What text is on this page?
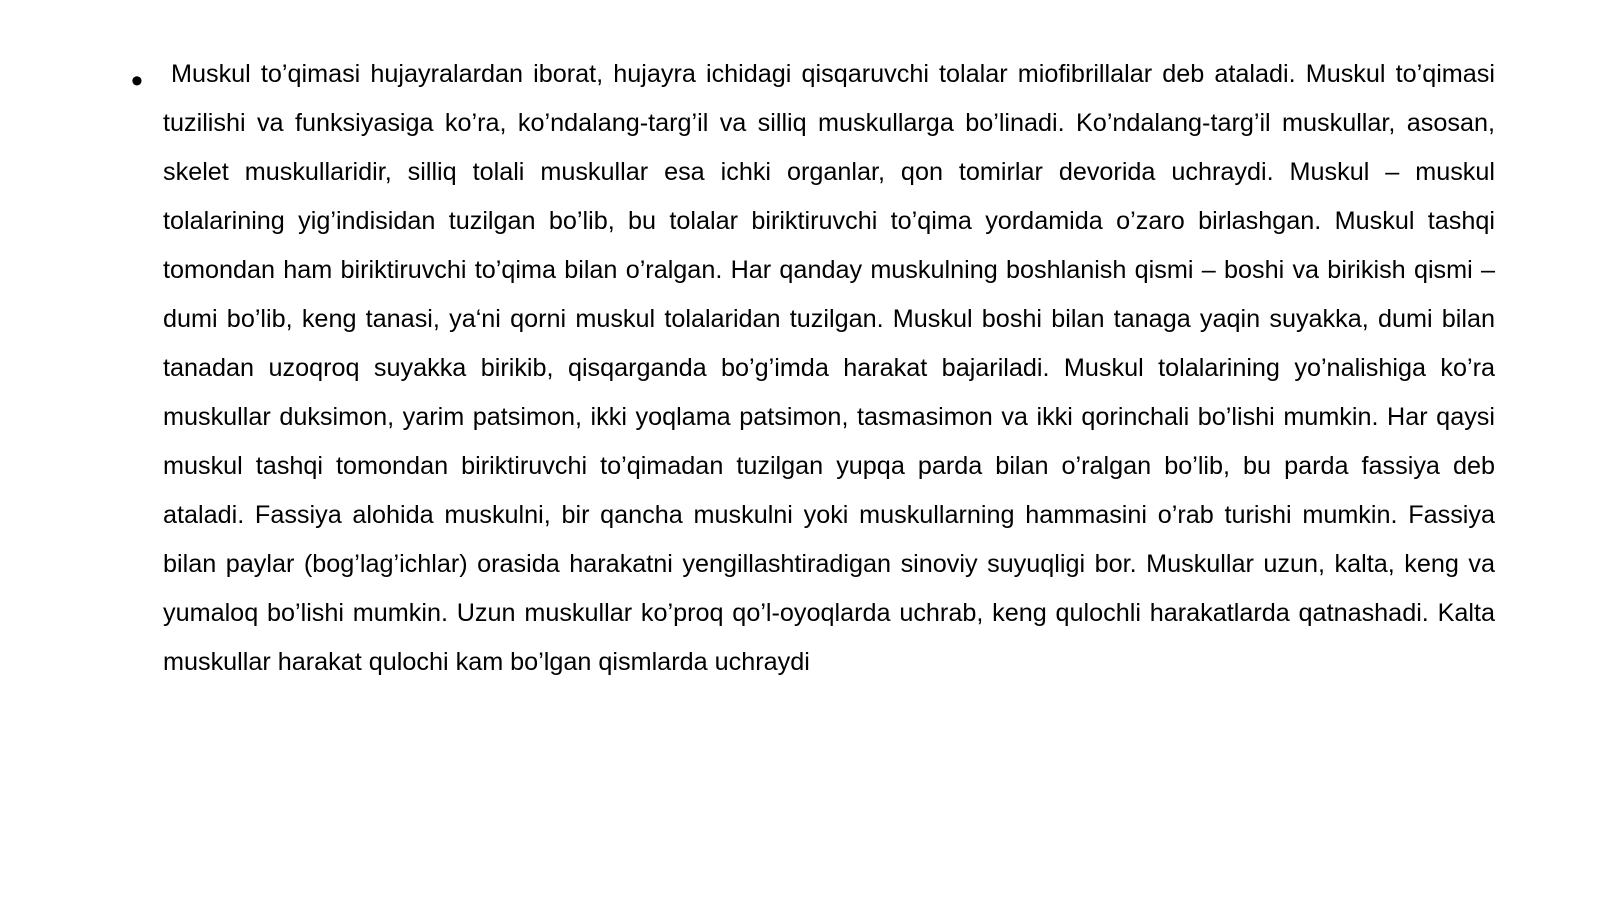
•	Muskul to’qimasi hujayralardan iborat, hujayra ichidagi qisqaruvchi tolalar miofibrillalar deb ataladi. Muskul to’qimasi tuzilishi va funksiyasiga ko’ra, ko’ndalang-targ’il va silliq muskullarga bo’linadi. Ko’ndalang-targ’il muskullar, asosan, skelet muskullaridir, silliq tolali muskullar esa ichki organlar, qon tomirlar devorida uchraydi. Muskul – muskul tolalarining yig’indisidan tuzilgan bo’lib, bu tolalar biriktiruvchi to’qima yordamida o’zaro birlashgan. Muskul tashqi tomondan ham biriktiruvchi to’qima bilan o’ralgan. Har qanday muskulning boshlanish qismi – boshi va birikish qismi – dumi bo’lib, keng tanasi, ya‘ni qorni muskul tolalaridan tuzilgan. Muskul boshi bilan tanaga yaqin suyakka, dumi bilan tanadan uzoqroq suyakka birikib, qisqarganda bo’g’imda harakat bajariladi. Muskul tolalarining yo’nalishiga ko’ra muskullar duksimon, yarim patsimon, ikki yoqlama patsimon, tasmasimon va ikki qorinchali bo’lishi mumkin. Har qaysi muskul tashqi tomondan biriktiruvchi to’qimadan tuzilgan yupqa parda bilan o’ralgan bo’lib, bu parda fassiya deb ataladi. Fassiya alohida muskulni, bir qancha muskulni yoki muskullarning hammasini o’rab turishi mumkin. Fassiya bilan paylar (bog’lag’ichlar) orasida harakatni yengillashtiradigan sinoviy suyuqligi bor. Muskullar uzun, kalta, keng va yumaloq bo’lishi mumkin. Uzun muskullar ko’proq qo’l-oyoqlarda uchrab, keng qulochli harakatlarda qatnashadi. Kalta muskullar harakat qulochi kam bo’lgan qismlarda uchraydi
